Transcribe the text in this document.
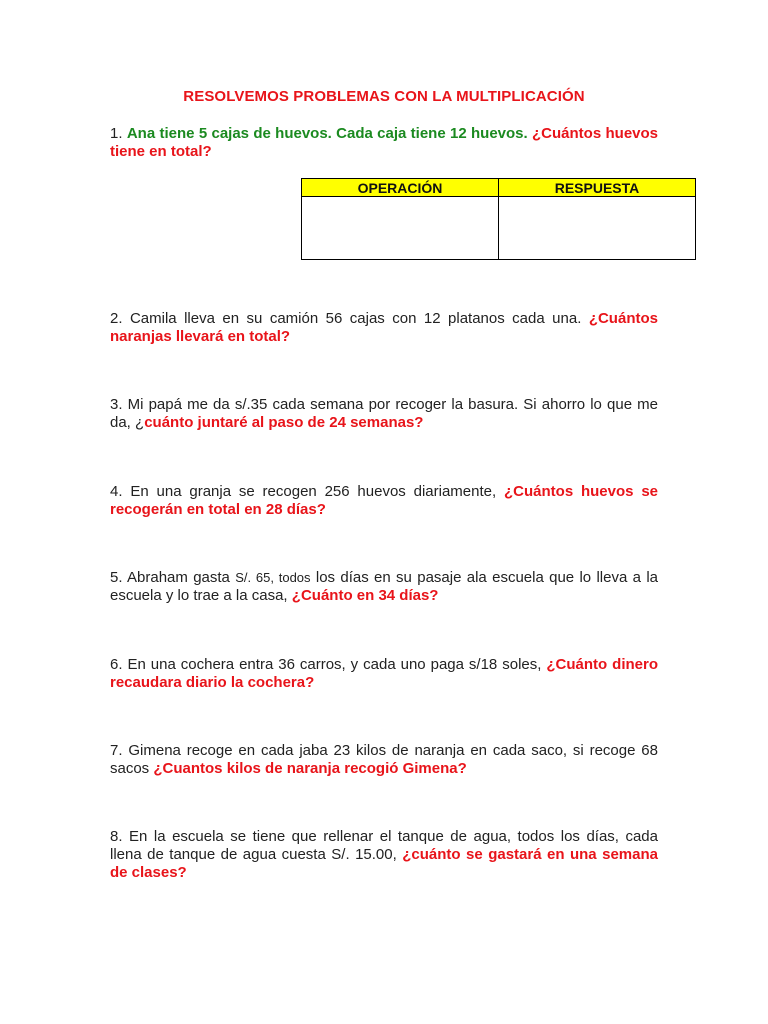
RESOLVEMOS PROBLEMAS CON LA MULTIPLICACIÓN
1. Ana tiene 5 cajas de huevos. Cada caja tiene 12 huevos. ¿Cuántos huevos tiene en total?
OPERACIÓN	RESPUESTA

2. Camila lleva en su camión 56 cajas con 12 platanos cada una. ¿Cuántos naranjas llevará en total?
3. Mi papá me da s/.35 cada semana por recoger la basura. Si ahorro lo que me da, ¿cuánto juntaré al paso de 24 semanas?
4. En una granja se recogen 256 huevos diariamente, ¿Cuántos huevos se recogerán en total en 28 días?
5. Abraham gasta S/. 65, todos los días en su pasaje ala escuela que lo lleva a la escuela y lo trae a la casa, ¿Cuánto en 34 días?
6. En una cochera entra 36 carros, y cada uno paga s/18 soles, ¿Cuánto dinero recaudara diario la cochera?
7. Gimena recoge en cada jaba 23 kilos de naranja en cada saco, si recoge 68 sacos ¿Cuantos kilos de naranja recogió Gimena?
8. En la escuela se tiene que rellenar el tanque de agua, todos los días, cada llena de tanque de agua cuesta S/. 15.00, ¿cuánto se gastará en una semana de clases?
